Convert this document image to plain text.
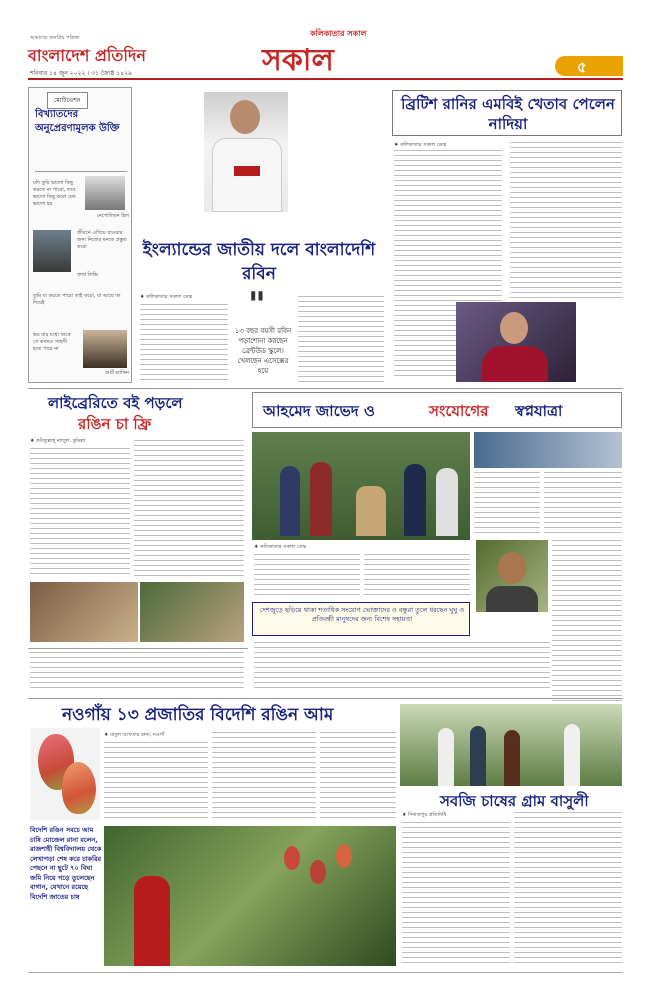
আমাদের জনপ্রিয় পত্রিকা
বাংলাদেশ প্রতিদিন
শনিবার ১৪ জুন ২০২২ । ৩১ জ্যৈষ্ঠ ১৪২৯
কলিকাতার সকাল
সকাল	৫
মোটিভেশন
বিখ্যাতদের অনুপ্রেরণামূলক উক্তি
যদি তুমি ভালো কিছু করতে না পারো, তবে ভালো কিছু করো যেন ভালো হয়
নেপোলিয়ন হিল
জীবনে এগিয়ে যাওয়ার জন্য নিজের মনকে প্রস্তুত করো
জর্জ লিভি
তুমি যা করতে পারো তাই করো, যা আছে তা দিয়েই
ভয় যার মধ্যে থাকে সে কখনও সাহসী হতে পারে না
আর্ট ম্যাকিন
ইংল্যান্ডের জাতীয় দলে বাংলাদেশি রবিন
♦ কলিকাতার সকাল ডেস্ক "
১৩ বছর বয়সী রবিন পড়াশোনা করছেন ব্রেন্টউড স্কুলে। খেলছেন এসেক্সের হয়ে
ব্রিটিশ রানির এমবিই খেতাব পেলেন নাদিয়া
♦ কলিকাতার সকাল ডেস্ক
লাইব্রেরিতে বই পড়লে
রঙিন চা ফ্রি
♦ কবিতুল্লাহ্‌ নাজুল, কুমিল্লা
আহমেদ জাভেদ ও	সংযোগের স্বপ্নযাত্রা
♦ কলিকাতার সকাল ডেস্ক
দেশজুড়ে ছড়িয়ে থাকা শতাধিক সংযোগ ভোক্তাদের ও বন্ধুরা তুলে ধরছেন ঘুঘু ও প্রতিবন্ধী মানুষদের জন্য বিশেষ সহায়তা
নওগাঁয় ১৩ প্রজাতির বিদেশি রঙিন আম
♦ বাবুল আখতার রানা, নওগাঁ
বিদেশি রঙিন সবচে আম চাষি মোজেল রানা বলেন, রাজশাহী বিশ্ববিদ্যালয় থেকে লেখাপড়া শেষ করে চাকরির পেছনে না ছুটে ৭০ বিঘা জমি নিয়ে গড়ে তুলেছেন বাগান, যেখানে রয়েছে বিদেশি জাতের চাষ
সবজি চাষের গ্রাম বাসুলী
♦ দিনাজপুর প্রতিনিধি
